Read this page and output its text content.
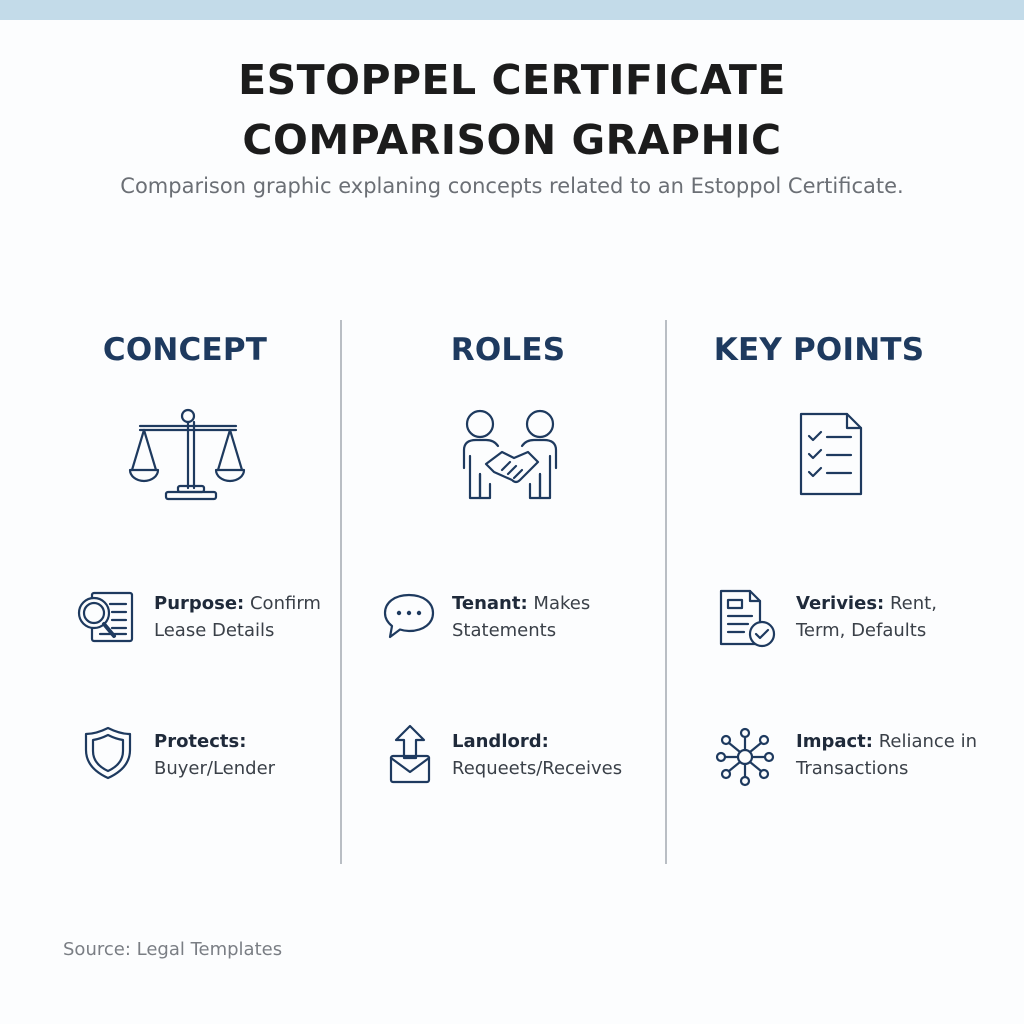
ESTOPPEL CERTIFICATE
COMPARISON GRAPHIC
Comparison graphic explaning concepts related to an Estoppol Certificate.
CONCEPT	ROLES	KEY POINTS
Purpose: Confirm
Lease Details
Protects:
Buyer/Lender
Tenant: Makes
Statements
Landlord:
Requeets/Receives
Verivies: Rent,
Term, Defaults
Impact: Reliance in
Transactions
Source: Legal Templates
